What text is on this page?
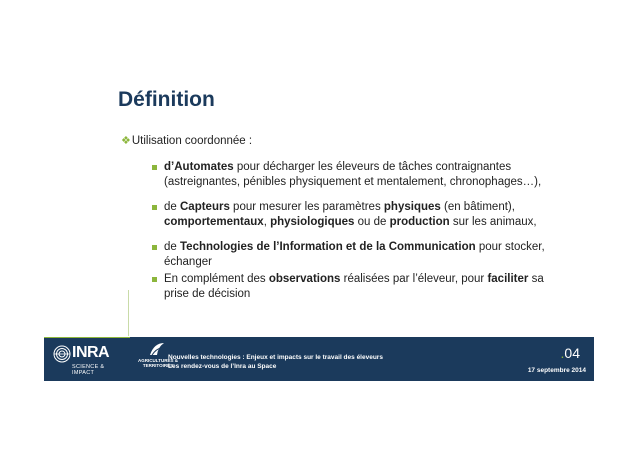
Définition
❖Utilisation coordonnée :
d’Automates pour décharger les éleveurs de tâches contraignantes (astreignantes, pénibles physiquement et mentalement, chronophages…),
de Capteurs pour mesurer les paramètres physiques (en bâtiment), comportementaux, physiologiques ou de production sur les animaux,
de Technologies de l’Information et de la Communication pour stocker, échanger
En complément des observations réalisées par l’éleveur, pour faciliter sa prise de décision
INRA
SCIENCE & IMPACT
AGRICULTURES & TERRITOIRES
Nouvelles technologies : Enjeux et impacts sur le travail des éleveurs
Les rendez-vous de l’Inra au Space
.04
17 septembre 2014
